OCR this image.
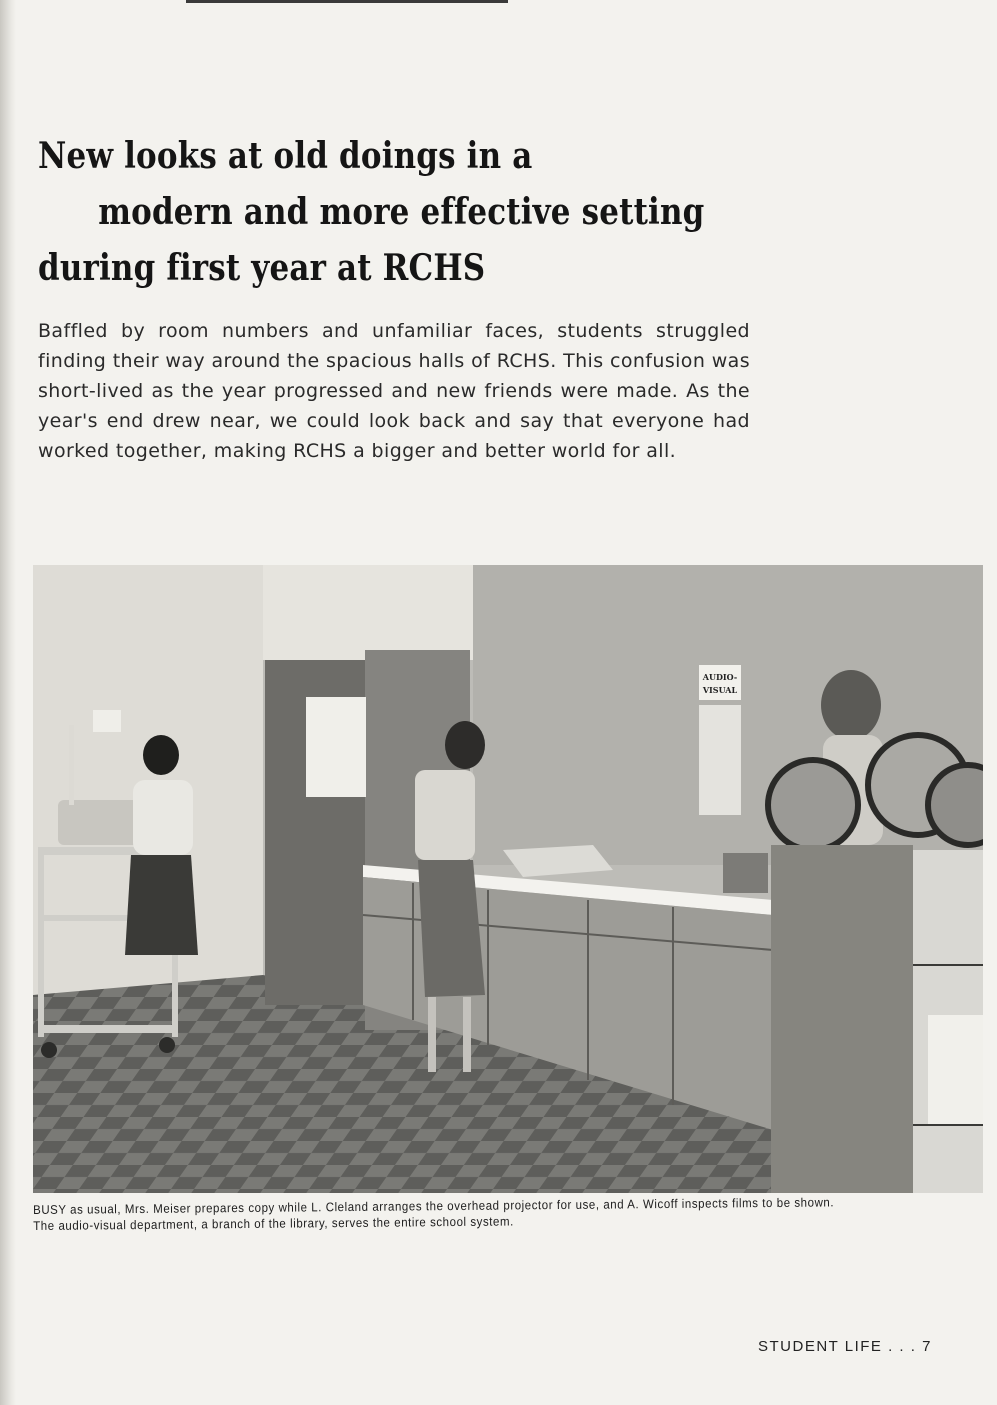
New looks at old doings in a
modern and more effective setting
during first year at RCHS

Baffled by room numbers and unfamiliar faces, students struggled finding their way around the spacious halls of RCHS. This confusion was short-lived as the year progressed and new friends were made. As the year's end drew near, we could look back and say that everyone had worked together, making RCHS a bigger and better world for all.

AUDIO-
VISUAL

BUSY as usual, Mrs. Meiser prepares copy while L. Cleland arranges the overhead projector for use, and A. Wicoff inspects films to be shown.
The audio-visual department, a branch of the library, serves the entire school system.

STUDENT LIFE . . . 7
